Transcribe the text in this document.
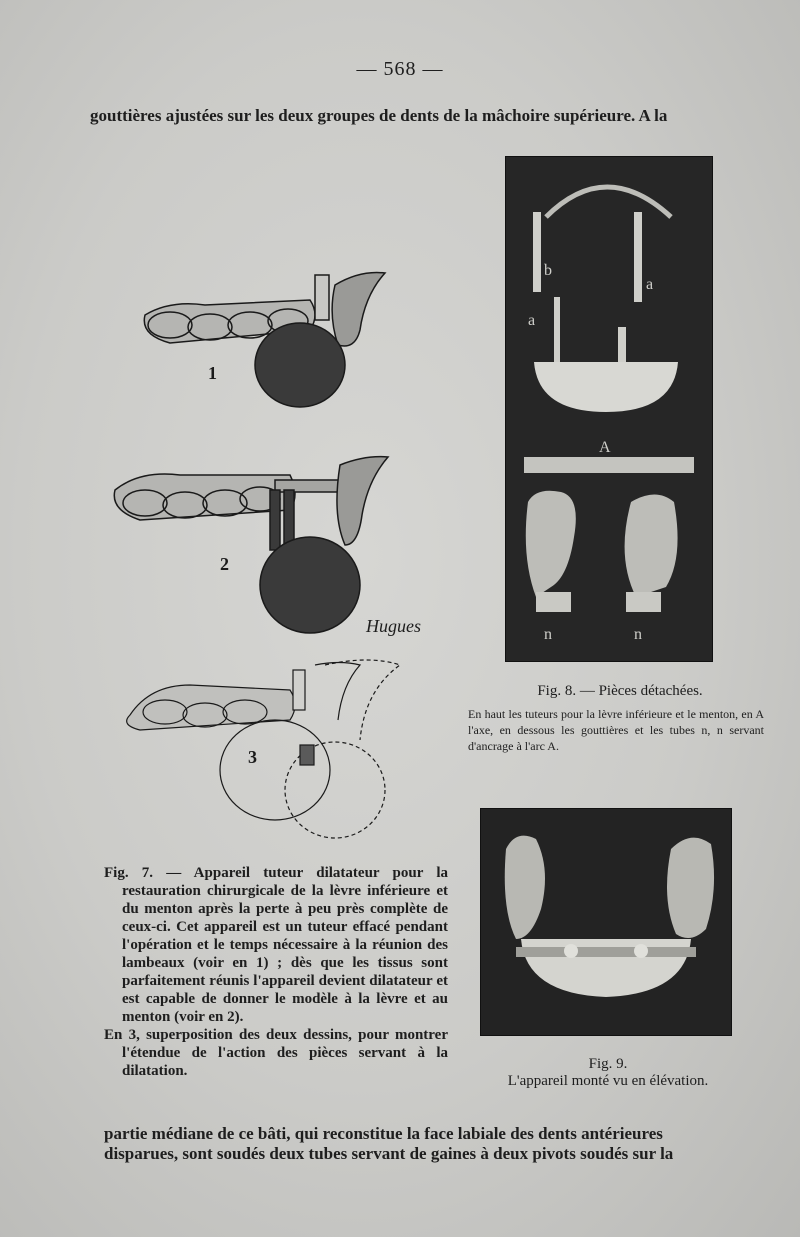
— 568 —
gouttières ajustées sur les deux groupes de dents de la mâchoire supérieure. A la
1
2
3
Hugues
b
a
a
A
n	n
Fig. 8. — Pièces détachées.
En haut les tuteurs pour la lèvre inférieure et le menton, en A l'axe, en dessous les gouttières et les tubes n, n servant d'ancrage à l'arc A.
Fig. 7. — Appareil tuteur dilatateur pour la restauration chirurgicale de la lèvre inférieure et du menton après la perte à peu près complète de ceux-ci. Cet appareil est un tuteur effacé pendant l'opération et le temps nécessaire à la réunion des lambeaux (voir en 1) ; dès que les tissus sont parfaitement réunis l'appareil devient dilatateur et est capable de donner le modèle à la lèvre et au menton (voir en 2).
En 3, superposition des deux dessins, pour montrer l'étendue de l'action des pièces servant à la dilatation.	Fig. 9.
L'appareil monté vu en élévation.
partie médiane de ce bâti, qui reconstitue la face labiale des dents antérieures
disparues, sont soudés deux tubes servant de gaines à deux pivots soudés sur la
